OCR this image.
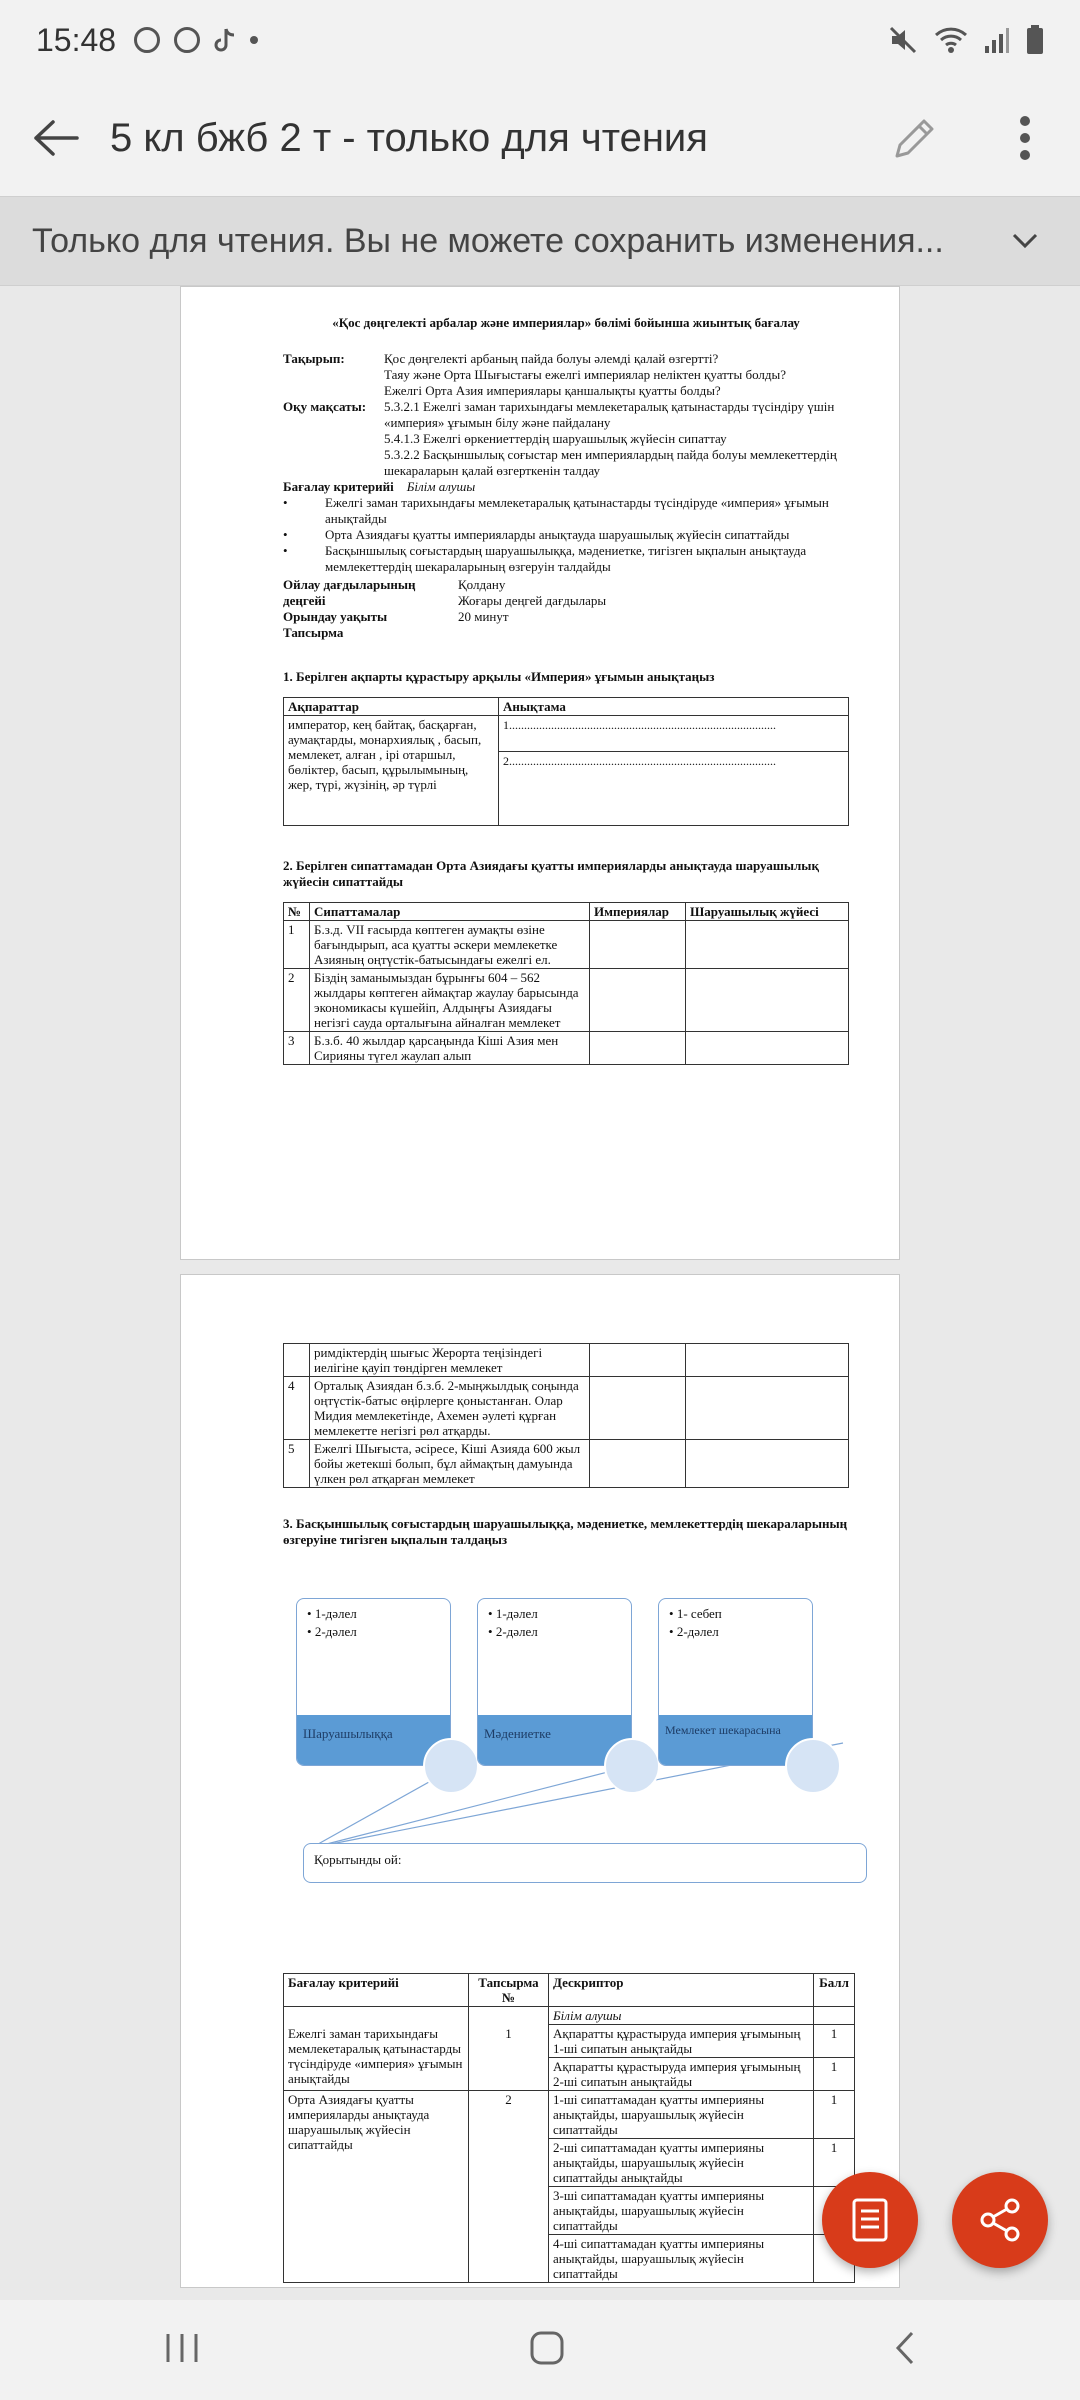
15:48
5 кл бжб 2 т - только для чтения
Только для чтения. Вы не можете сохранить изменения...
«Қос дөңгелекті арбалар және империялар» бөлімі бойынша жиынтық бағалау
Тақырып:	Қос дөңгелекті арбаның пайда болуы әлемді қалай өзгертті?
Таяу және Орта Шығыстағы ежелгі империялар неліктен қуатты болды?
Ежелгі Орта Азия империялары қаншалықты қуатты болды?
Оқу мақсаты:	5.3.2.1 Ежелгі заман тарихындағы мемлекетаралық қатынастарды түсіндіру үшін «империя» ұғымын білу және пайдалану
5.4.1.3 Ежелгі өркениеттердің шаруашылық жүйесін сипаттау
5.3.2.2 Басқыншылық соғыстар мен империялардың пайда болуы мемлекеттердің шекараларын қалай өзгерткенін талдау
Бағалау критерийі Білім алушы
•	Ежелгі заман тарихындағы мемлекетаралық қатынастарды түсіндіруде «империя» ұғымын анықтайды
•	Орта Азиядағы қуатты империяларды анықтауда шаруашылық жүйесін сипаттайды
•	Басқыншылық соғыстардың шаруашылыққа, мәдениетке, тигізген ықпалын анықтауда мемлекеттердің шекараларының өзгеруін талдайды
Ойлау дағдыларының деңгейі
Қолдану
Жоғары деңгей дағдылары
Орындау уақыты	20 минут
Тапсырма
1. Берілген ақпарты құрастыру арқылы «Империя» ұғымын анықтаңыз
Ақпараттар	Анықтама
император, кең байтақ, басқарған, аумақтарды, монархиялық , басып, мемлекет, алған , ірі отаршыл, бөліктер, басып, құрылымының, жер, түрі, жүзінің, әр түрлі	1.........................................................................................
2.........................................................................................
2. Берілген сипаттамадан Орта Азиядағы қуатты империяларды анықтауда шаруашылық жүйесін сипаттайды
№	Сипаттамалар	Империялар	Шаруашылық жүйесі
1	Б.з.д. VII ғасырда көптеген аумақты өзіне бағындырып, аса қуатты әскери мемлекетке Азияның оңтүстік-батысындағы ежелгі ел.		
2	Біздің заманымыздан бұрынғы 604 – 562 жылдары көптеген аймақтар жаулау барысында экономикасы күшейіп, Алдыңғы Азиядағы негізгі сауда орталығына айналған мемлекет		
3	Б.з.б. 40 жылдар қарсаңында Кіші Азия мен Сирияны түгел жаулап алып		
	римдіктердің шығыс Жерорта теңізіндегі иелігіне қауіп төндірген мемлекет		
4	Орталық Азиядан б.з.б. 2-мыңжылдық соңында оңтүстік-батыс өңірлерге қоныстанған. Олар Мидия мемлекетінде, Ахемен әулеті құрған мемлекетте негізгі рөл атқарды.		
5	Ежелгі Шығыста, әсіресе, Кіші Азияда 600 жыл бойы жетекші болып, бұл аймақтың дамуында үлкен рөл атқарған мемлекет		
3. Басқыншылық соғыстардың шаруашылыққа, мәдениетке, мемлекеттердің шекараларының өзгеруіне тигізген ықпалын талдаңыз
• 1-дәлел
• 2-дәлел
Шаруашылыққа
• 1-дәлел
• 2-дәлел
Мәдениетке
• 1- себеп
• 2-дәлел
Мемлекет шекарасына
Қорытынды ой:
Бағалау критерийі	Тапсырма №	Дескриптор	Балл
		Білім алушы	
Ежелгі заман тарихындағы мемлекетаралық қатынастарды түсіндіруде «империя» ұғымын анықтайды	1	Ақпаратты құрастыруда империя ұғымының 1-ші сипатын анықтайды	1
		Ақпаратты құрастыруда империя ұғымының 2-ші сипатын анықтайды	1
Орта Азиядағы қуатты империяларды анықтауда шаруашылық жүйесін сипаттайды	2	1-ші сипаттамадан қуатты империяны анықтайды, шаруашылық жүйесін сипаттайды	1
		2-ші сипаттамадан қуатты империяны анықтайды, шаруашылық жүйесін сипаттайды анықтайды	1
		3-ші сипаттамадан қуатты империяны анықтайды, шаруашылық жүйесін сипаттайды	
		4-ші сипаттамадан қуатты империяны анықтайды, шаруашылық жүйесін сипаттайды	
